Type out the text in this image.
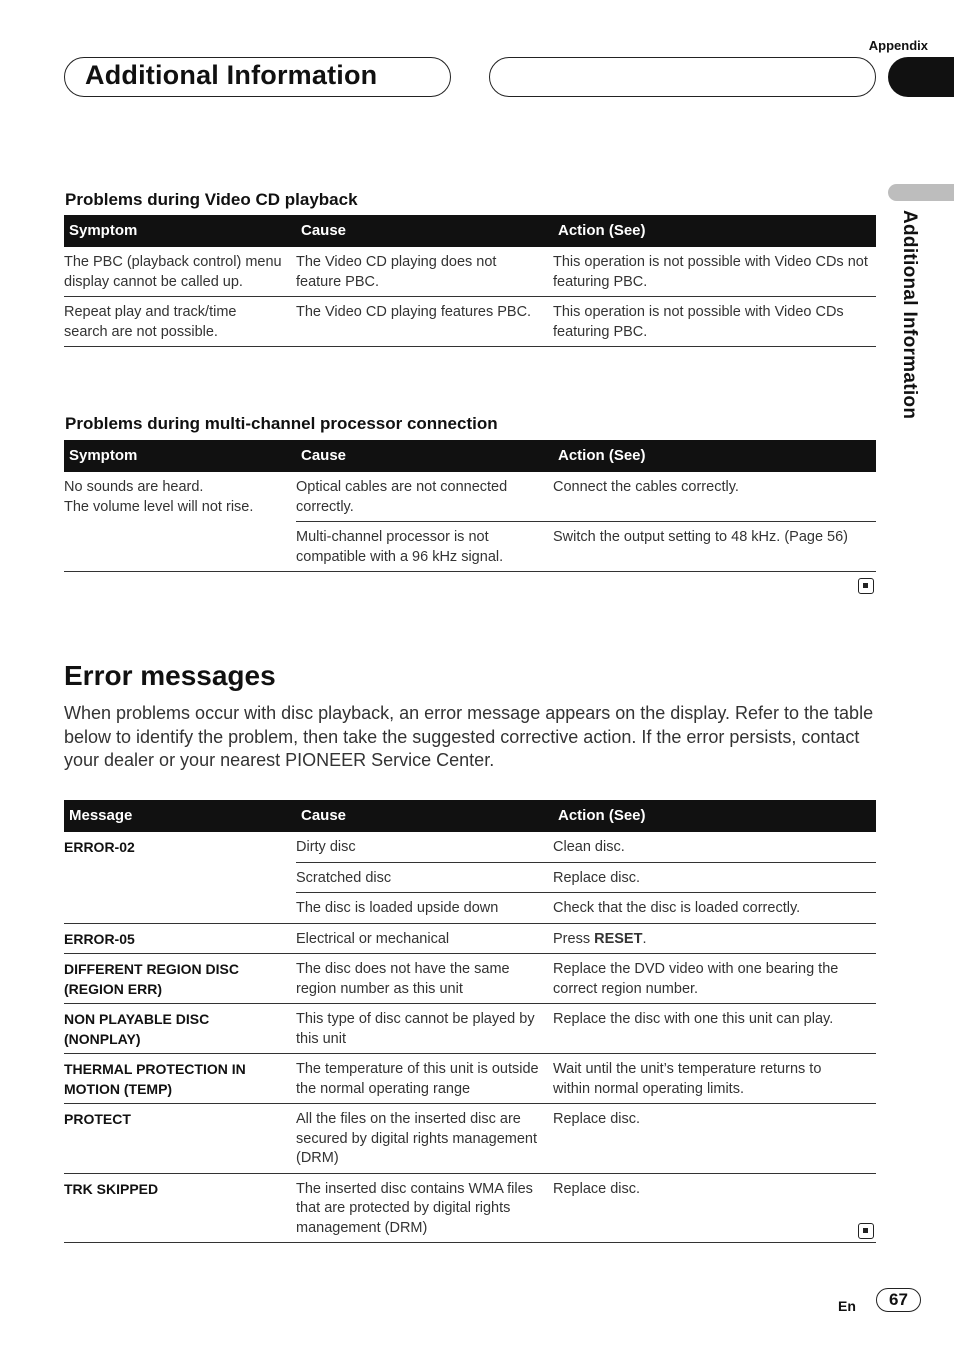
Appendix
Additional Information
Additional Information
Problems during Video CD playback
Symptom	Cause	Action (See)
The PBC (playback control) menu display cannot be called up.	The Video CD playing does not feature PBC.	This operation is not possible with Video CDs not featuring PBC.
Repeat play and track/time search are not possible.	The Video CD playing features PBC.	This operation is not possible with Video CDs featuring PBC.
Problems during multi-channel processor connection
Symptom	Cause	Action (See)

No sounds are heard.
The volume level will not rise.	Optical cables are not connected correctly.	Connect the cables correctly.
	Multi-channel processor is not compatible with a 96 kHz signal.	Switch the output setting to 48 kHz. (Page 56)
Error messages
When problems occur with disc playback, an error message appears on the display. Refer to the table below to identify the problem, then take the suggested corrective action. If the error persists, contact your dealer or your nearest PIONEER Service Center.
Message	Cause	Action (See)
ERROR-02	Dirty disc	Clean disc.
	Scratched disc	Replace disc.
	The disc is loaded upside down	Check that the disc is loaded correctly.
ERROR-05	Electrical or mechanical	Press RESET.
DIFFERENT REGION DISC (REGION ERR)	The disc does not have the same region number as this unit	Replace the DVD video with one bearing the correct region number.
NON PLAYABLE DISC (NONPLAY)	This type of disc cannot be played by this unit	Replace the disc with one this unit can play.
THERMAL PROTECTION IN MOTION (TEMP)	The temperature of this unit is outside the normal operating range	Wait until the unit’s temperature returns to within normal operating limits.
PROTECT	All the files on the inserted disc are secured by digital rights management (DRM)	Replace disc.
TRK SKIPPED	The inserted disc contains WMA files that are protected by digital rights management (DRM)	Replace disc.
En	67
